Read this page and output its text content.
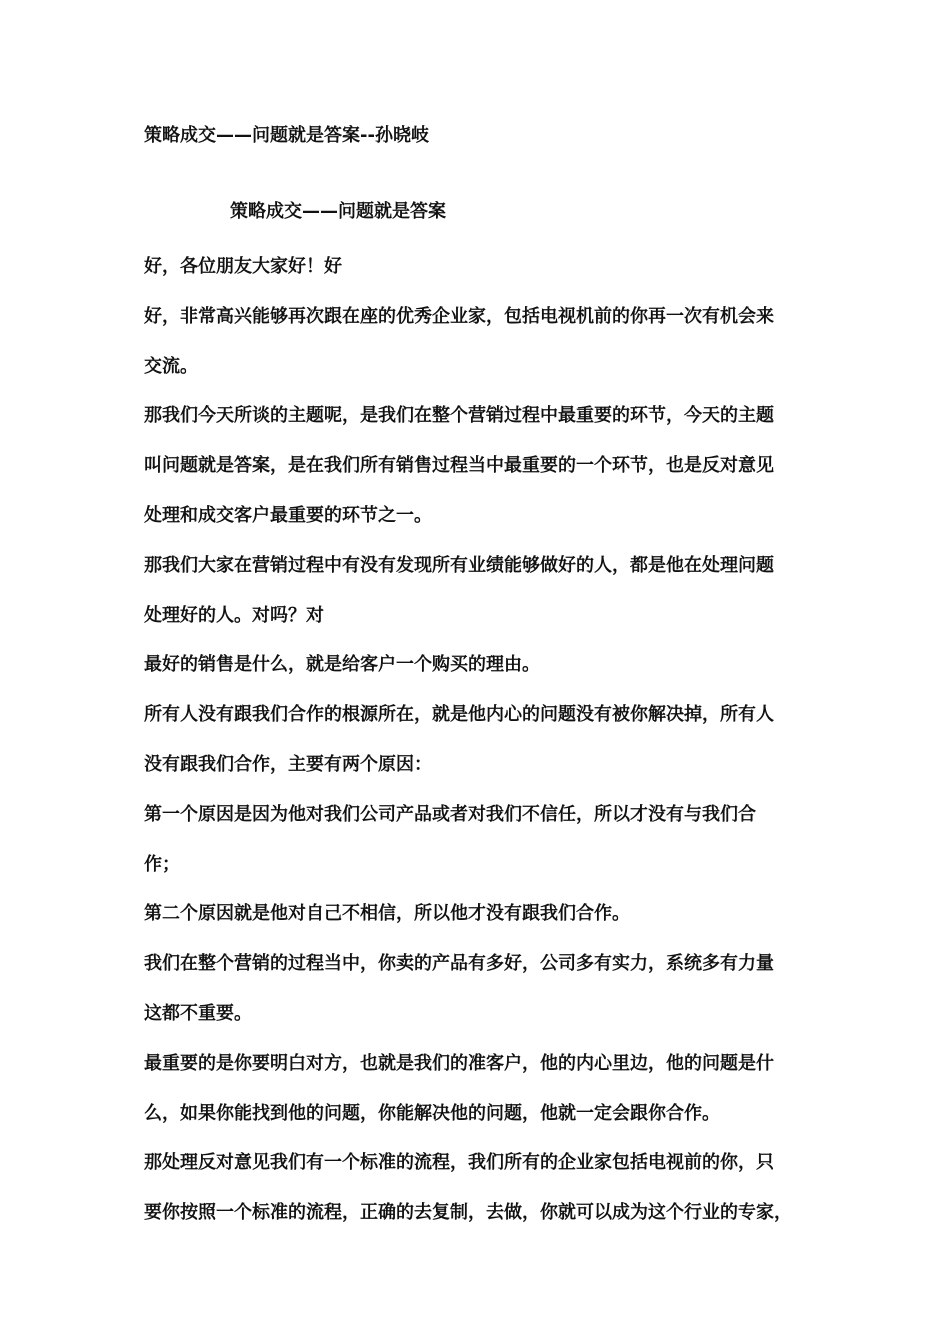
策略成交——问题就是答案--孙晓岐
策略成交——问题就是答案

好，各位朋友大家好！好

好，非常高兴能够再次跟在座的优秀企业家，包括电视机前的你再一次有机会来
交流。

那我们今天所谈的主题呢，是我们在整个营销过程中最重要的环节，今天的主题
叫问题就是答案，是在我们所有销售过程当中最重要的一个环节，也是反对意见
处理和成交客户最重要的环节之一。

那我们大家在营销过程中有没有发现所有业绩能够做好的人，都是他在处理问题
处理好的人。对吗？对

最好的销售是什么，就是给客户一个购买的理由。

所有人没有跟我们合作的根源所在，就是他内心的问题没有被你解决掉，所有人
没有跟我们合作，主要有两个原因：

第一个原因是因为他对我们公司产品或者对我们不信任，所以才没有与我们合
作；

第二个原因就是他对自己不相信，所以他才没有跟我们合作。

我们在整个营销的过程当中，你卖的产品有多好，公司多有实力，系统多有力量
这都不重要。

最重要的是你要明白对方，也就是我们的准客户，他的内心里边，他的问题是什
么，如果你能找到他的问题，你能解决他的问题，他就一定会跟你合作。

那处理反对意见我们有一个标准的流程，我们所有的企业家包括电视前的你，只
要你按照一个标准的流程，正确的去复制，去做，你就可以成为这个行业的专家，
